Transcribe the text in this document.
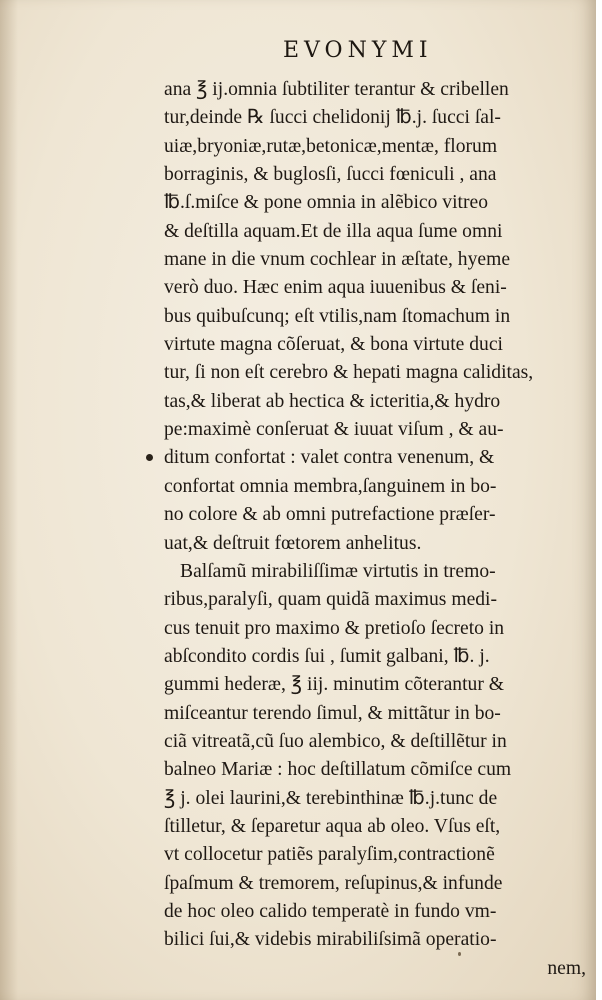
EVONYMI
ana ℥ ij.omnia ſubtiliter terantur & cribellen
tur,deinde ℞ ſucci chelidonij ℔.j. ſucci ſal-
uiæ,bryoniæ,rutæ,betonicæ,mentæ, florum
borraginis, & buglosſi, ſucci fœniculi , ana
℔.ſ.miſce & pone omnia in alẽbico vitreo
& deſtilla aquam.Et de illa aqua ſume omni
mane in die vnum cochlear in æſtate, hyeme
verò duo. Hæc enim aqua iuuenibus & ſeni-
bus quibuſcunq; eſt vtilis,nam ſtomachum in
virtute magna cõſeruat, & bona virtute duci
tur, ſi non eſt cerebro & hepati magna caliditas,
tas,& liberat ab hectica & icteritia,& hydro
pe:maximè conſeruat & iuuat viſum , & au-
ditum confortat : valet contra venenum, &
confortat omnia membra,ſanguinem in bo-
no colore & ab omni putrefactione præſer-
uat,& deſtruit fœtorem anhelitus.
Balſamũ mirabiliſſimæ virtutis in tremo-
ribus,paralyſi, quam quidã maximus medi-
cus tenuit pro maximo & pretioſo ſecreto in
abſcondito cordis ſui , ſumit galbani, ℔. j.
gummi hederæ, ℥ iij. minutim cõterantur &
miſceantur terendo ſimul, & mittãtur in bo-
ciã vitreatã,cũ ſuo alembico, & deſtillẽtur in
balneo Mariæ : hoc deſtillatum cõmiſce cum
℥ j. olei laurini,& terebinthinæ ℔.j.tunc de
ſtilletur, & ſeparetur aqua ab oleo. Vſus eſt,
vt collocetur patiẽs paralyſim,contractionẽ
ſpaſmum & tremorem, reſupinus,& infunde
de hoc oleo calido temperatè in fundo vm-
bilici ſui,& videbis mirabiliſsimã operatio-
nem,
